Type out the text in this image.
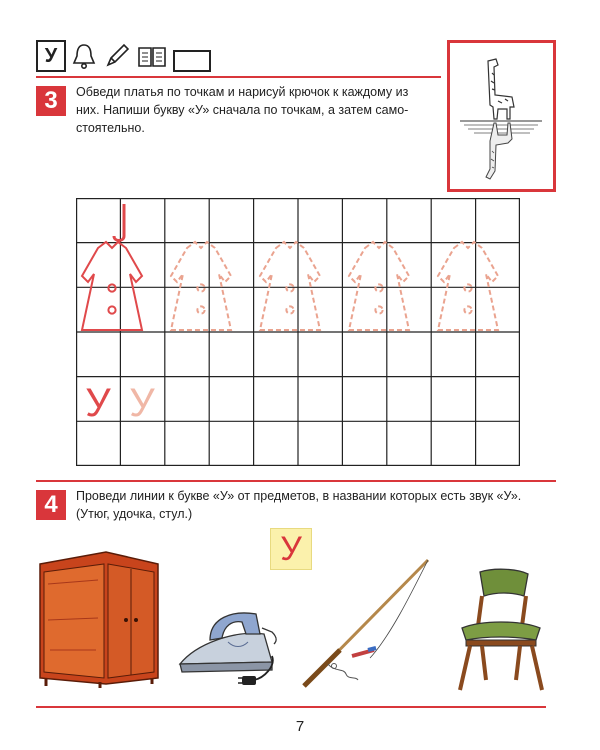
У
3	Обведи платья по точкам и нарисуй крючок к каждому из
них. Напиши букву «У» сначала по точкам, а затем само-
стоятельно.
У У
4	Проведи линии к букве «У» от предметов, в названии которых есть звук «У».
(Утюг, удочка, стул.)
У
7
